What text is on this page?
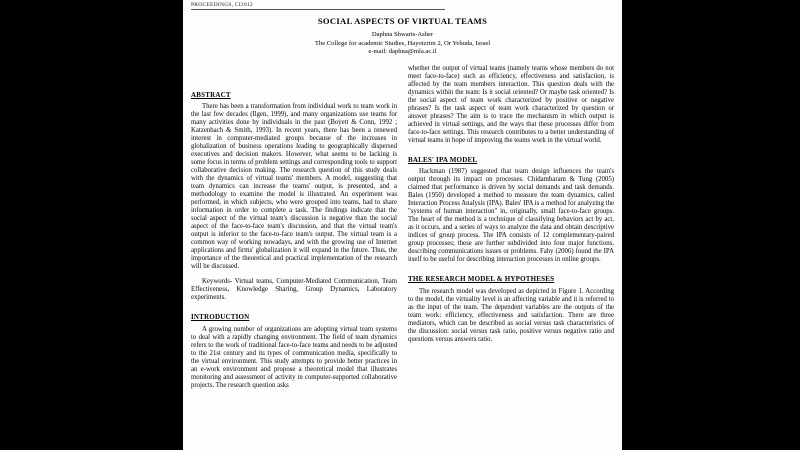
PROCEEDINGS, CI2012
SOCIAL ASPECTS OF VIRTUAL TEAMS
Daphna Shwarts-Asher
The College for academic Studies, Hayotzrim 2, Or Yehuda, Israel
e-mail: daphna@mla.ac.il
ABSTRACT

There has been a transformation from individual work to team work in the last few decades (Ilgen, 1999), and many organizations use teams for many activities done by individuals in the past (Boyett & Conn, 1992 ; Katzenbach & Smith, 1993). In recent years, there has been a renewed interest in computer-mediated groups because of the increases in globalization of business operations leading to geographically dispersed executives and decision makers. However, what seems to be lacking is some focus in terms of problem settings and corresponding tools to support collaborative decision making. The research question of this study deals with the dynamics of virtual teams' members. A model, suggesting that team dynamics can increase the teams' output, is presented, and a methodology to examine the model is illustrated. An experiment was performed, in which subjects, who were grouped into teams, had to share information in order to complete a task. The findings indicate that the social aspect of the virtual team's discussion is negative than the social aspect of the face-to-face team's discussion, and that the virtual team's output is inferior to the face-to-face team's output. The virtual team is a common way of working nowadays, and with the growing use of Internet applications and firms' globalization it will expand in the future. Thus, the importance of the theoretical and practical implementation of the research will be discussed.

Keywords- Virtual teams, Computer-Mediated Communication, Team Effectiveness, Knowledge Sharing, Group Dynamics, Laboratory experiments.

INTRODUCTION

A growing number of organizations are adopting virtual team systems to deal with a rapidly changing environment. The field of team dynamics refers to the work of traditional face-to-face teams and needs to be adjusted to the 21st century and its types of communication media, specifically to the virtual environment. This study attempts to provide better practices in an e-work environment and propose a theoretical model that illustrates monitoring and assessment of activity in computer-supported collaborative projects. The research question asks

whether the output of virtual teams (namely teams whose members do not meet face-to-face) such as efficiency, effectiveness and satisfaction, is affected by the team members interaction. This question deals with the dynamics within the team: Is it social oriented? Or maybe task oriented? Is the social aspect of team work characterized by positive or negative phrases? Is the task aspect of team work characterized by question or answer phrases? The aim is to trace the mechanism in which output is achieved in virtual settings, and the ways that these processes differ from face-to-face settings. This research contributes to a better understanding of virtual teams in hope of improving the teams work in the virtual world.

BALES' IPA MODEL

Hackman (1987) suggested that team design influences the team's output through its impact on processes. Chidambaram & Tung (2005) claimed that performance is driven by social demands and task demands. Bales (1950) developed a method to measure the team dynamics, called Interaction Process Analysis (IPA). Bales' IPA is a method for analyzing the "systems of human interaction" in, originally, small face-to-face groups. The heart of the method is a technique of classifying behaviors act by act, as it occurs, and a series of ways to analyze the data and obtain descriptive indices of group process. The IPA consists of 12 complementary-paired group processes; these are further subdivided into four major functions, describing communications issues or problems. Fahy (2006) found the IPA itself to be useful for describing interaction processes in online groups.

THE RESEARCH MODEL & HYPOTHESES

The research model was developed as depicted in Figure 1. According to the model, the virtuality level is an affecting variable and it is referred to as the input of the team. The dependent variables are the outputs of the team work: efficiency, effectiveness and satisfaction. There are three mediators, which can be described as social versus task characteristics of the discussion: social versus task ratio, positive versus negative ratio and questions versus answers ratio.
